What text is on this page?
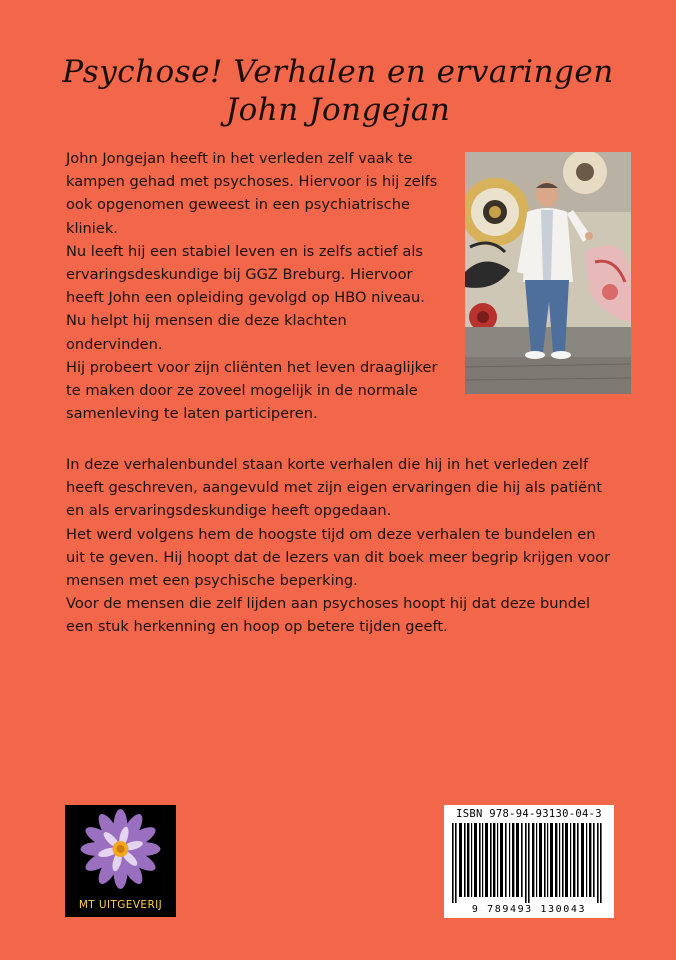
Psychose! Verhalen en ervaringen
John Jongejan
John Jongejan heeft in het verleden zelf vaak te
kampen gehad met psychoses. Hiervoor is hij zelfs
ook opgenomen geweest in een psychiatrische
kliniek.
Nu leeft hij een stabiel leven en is zelfs actief als
ervaringsdeskundige bij GGZ Breburg. Hiervoor
heeft John een opleiding gevolgd op HBO niveau.
Nu helpt hij mensen die deze klachten
ondervinden.
Hij probeert voor zijn cliënten het leven draaglijker
te maken door ze zoveel mogelijk in de normale
samenleving te laten participeren.
In deze verhalenbundel staan korte verhalen die hij in het verleden zelf
heeft geschreven, aangevuld met zijn eigen ervaringen die hij als patiënt
en als ervaringsdeskundige heeft opgedaan.
Het werd volgens hem de hoogste tijd om deze verhalen te bundelen en
uit te geven. Hij hoopt dat de lezers van dit boek meer begrip krijgen voor
mensen met een psychische beperking.
Voor de mensen die zelf lijden aan psychoses hoopt hij dat deze bundel
een stuk herkenning en hoop op betere tijden geeft.
MT UITGEVERIJ
ISBN 978-94-93130-04-3
9 789493 130043
